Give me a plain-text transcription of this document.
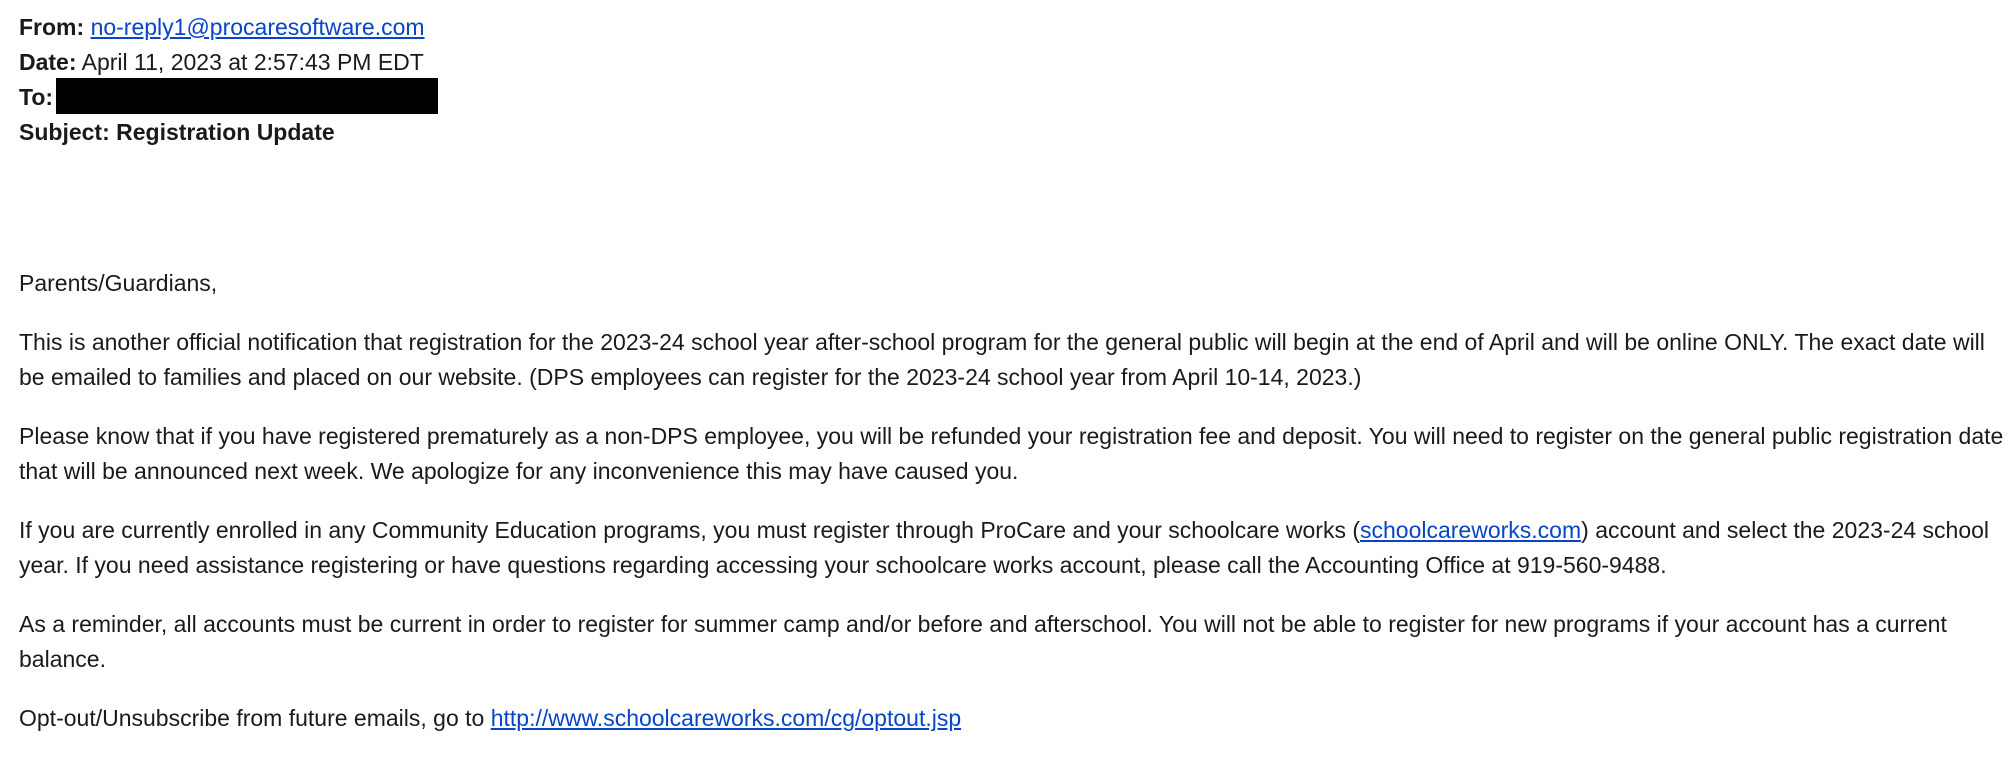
From: no-reply1@procaresoftware.com
Date: April 11, 2023 at 2:57:43 PM EDT
To:
Subject: Registration Update

Parents/Guardians,

This is another official notification that registration for the 2023-24 school year after-school program for the general public will begin at the end of April and will be online ONLY. The exact date will be emailed to families and placed on our website. (DPS employees can register for the 2023-24 school year from April 10-14, 2023.)

Please know that if you have registered prematurely as a non-DPS employee, you will be refunded your registration fee and deposit. You will need to register on the general public registration date that will be announced next week. We apologize for any inconvenience this may have caused you.

If you are currently enrolled in any Community Education programs, you must register through ProCare and your schoolcare works (schoolcareworks.com) account and select the 2023-24 school year. If you need assistance registering or have questions regarding accessing your schoolcare works account, please call the Accounting Office at 919-560-9488.

As a reminder, all accounts must be current in order to register for summer camp and/or before and afterschool. You will not be able to register for new programs if your account has a current balance.

Opt-out/Unsubscribe from future emails, go to http://www.schoolcareworks.com/cg/optout.jsp
